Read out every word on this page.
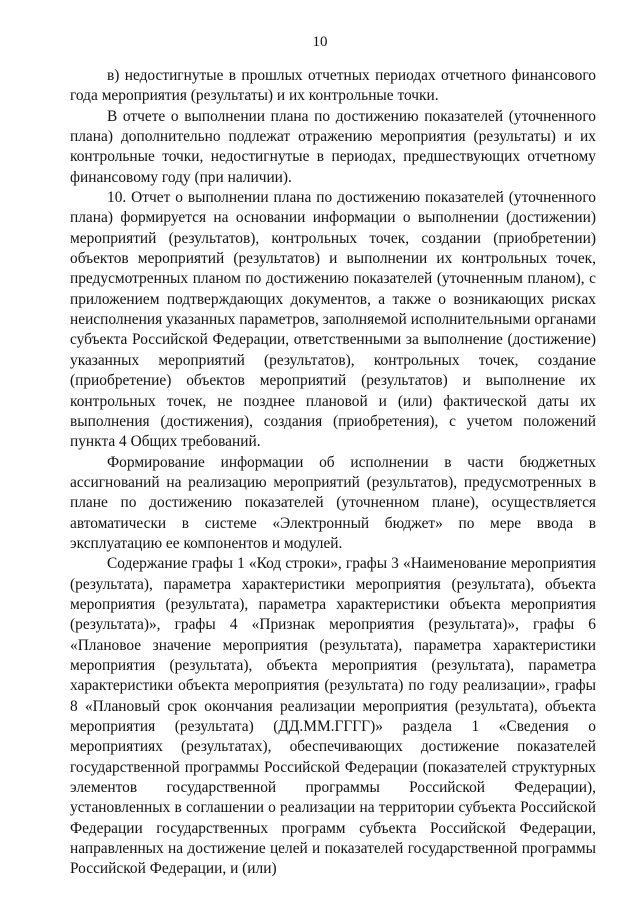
10

в) недостигнутые в прошлых отчетных периодах отчетного финансового года мероприятия (результаты) и их контрольные точки.

В отчете о выполнении плана по достижению показателей (уточненного плана) дополнительно подлежат отражению мероприятия (результаты) и их контрольные точки, недостигнутые в периодах, предшествующих отчетному финансовому году (при наличии).

10. Отчет о выполнении плана по достижению показателей (уточненного плана) формируется на основании информации о выполнении (достижении) мероприятий (результатов), контрольных точек, создании (приобретении) объектов мероприятий (результатов) и выполнении их контрольных точек, предусмотренных планом по достижению показателей (уточненным планом), с приложением подтверждающих документов, а также о возникающих рисках неисполнения указанных параметров, заполняемой исполнительными органами субъекта Российской Федерации, ответственными за выполнение (достижение) указанных мероприятий (результатов), контрольных точек, создание (приобретение) объектов мероприятий (результатов) и выполнение их контрольных точек, не позднее плановой и (или) фактической даты их выполнения (достижения), создания (приобретения), с учетом положений пункта 4 Общих требований.

Формирование информации об исполнении в части бюджетных ассигнований на реализацию мероприятий (результатов), предусмотренных в плане по достижению показателей (уточненном плане), осуществляется автоматически в системе «Электронный бюджет» по мере ввода в эксплуатацию ее компонентов и модулей.

Содержание графы 1 «Код строки», графы 3 «Наименование мероприятия (результата), параметра характеристики мероприятия (результата), объекта мероприятия (результата), параметра характеристики объекта мероприятия (результата)», графы 4 «Признак мероприятия (результата)», графы 6 «Плановое значение мероприятия (результата), параметра характеристики мероприятия (результата), объекта мероприятия (результата), параметра характеристики объекта мероприятия (результата) по году реализации», графы 8 «Плановый срок окончания реализации мероприятия (результата), объекта мероприятия (результата) (ДД.ММ.ГГГГ)» раздела 1 «Сведения о мероприятиях (результатах), обеспечивающих достижение показателей государственной программы Российской Федерации (показателей структурных элементов государственной программы Российской Федерации), установленных в соглашении о реализации на территории субъекта Российской Федерации государственных программ субъекта Российской Федерации, направленных на достижение целей и показателей государственной программы Российской Федерации, и (или)
